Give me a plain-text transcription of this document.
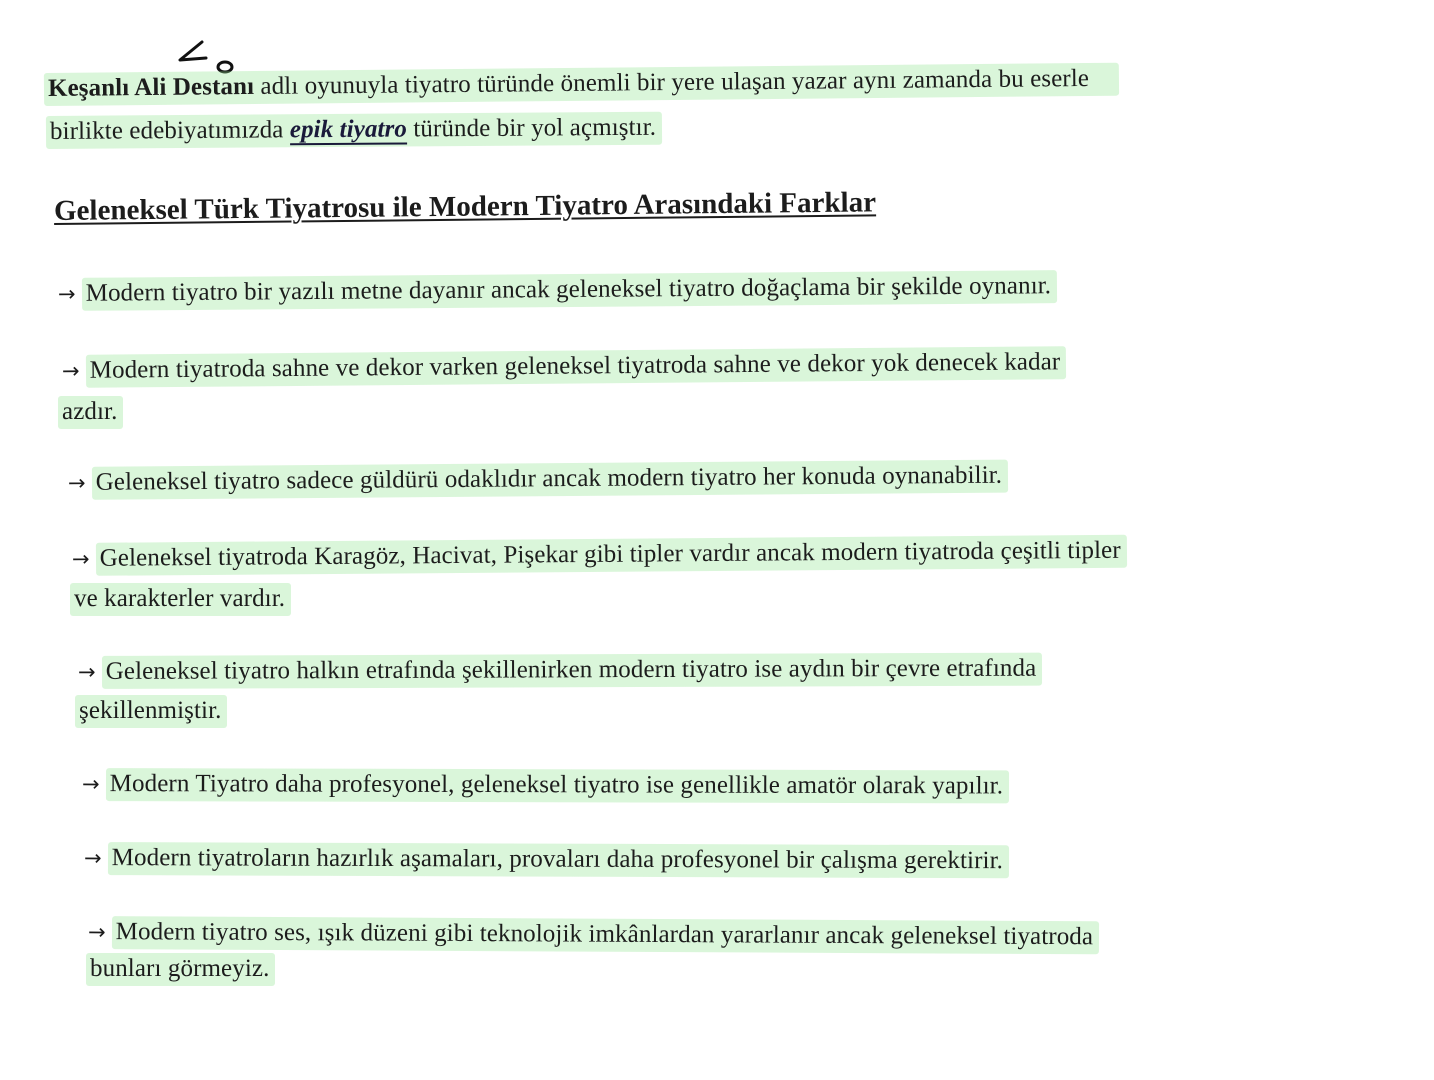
Keşanlı Ali Destanı adlı oyunuyla tiyatro türünde önemli bir yere ulaşan yazar aynı zamanda bu eserle
birlikte edebiyatımızda epik tiyatro türünde bir yol açmıştır.
Geleneksel Türk Tiyatrosu ile Modern Tiyatro Arasındaki Farklar
→ Modern tiyatro bir yazılı metne dayanır ancak geleneksel tiyatro doğaçlama bir şekilde oynanır.
→ Modern tiyatroda sahne ve dekor varken geleneksel tiyatroda sahne ve dekor yok denecek kadar
azdır.
→ Geleneksel tiyatro sadece güldürü odaklıdır ancak modern tiyatro her konuda oynanabilir.
→ Geleneksel tiyatroda Karagöz, Hacivat, Pişekar gibi tipler vardır ancak modern tiyatroda çeşitli tipler
ve karakterler vardır.
→ Geleneksel tiyatro halkın etrafında şekillenirken modern tiyatro ise aydın bir çevre etrafında
şekillenmiştir.
→ Modern Tiyatro daha profesyonel, geleneksel tiyatro ise genellikle amatör olarak yapılır.
→ Modern tiyatroların hazırlık aşamaları, provaları daha profesyonel bir çalışma gerektirir.
→ Modern tiyatro ses, ışık düzeni gibi teknolojik imkânlardan yararlanır ancak geleneksel tiyatroda
bunları görmeyiz.
